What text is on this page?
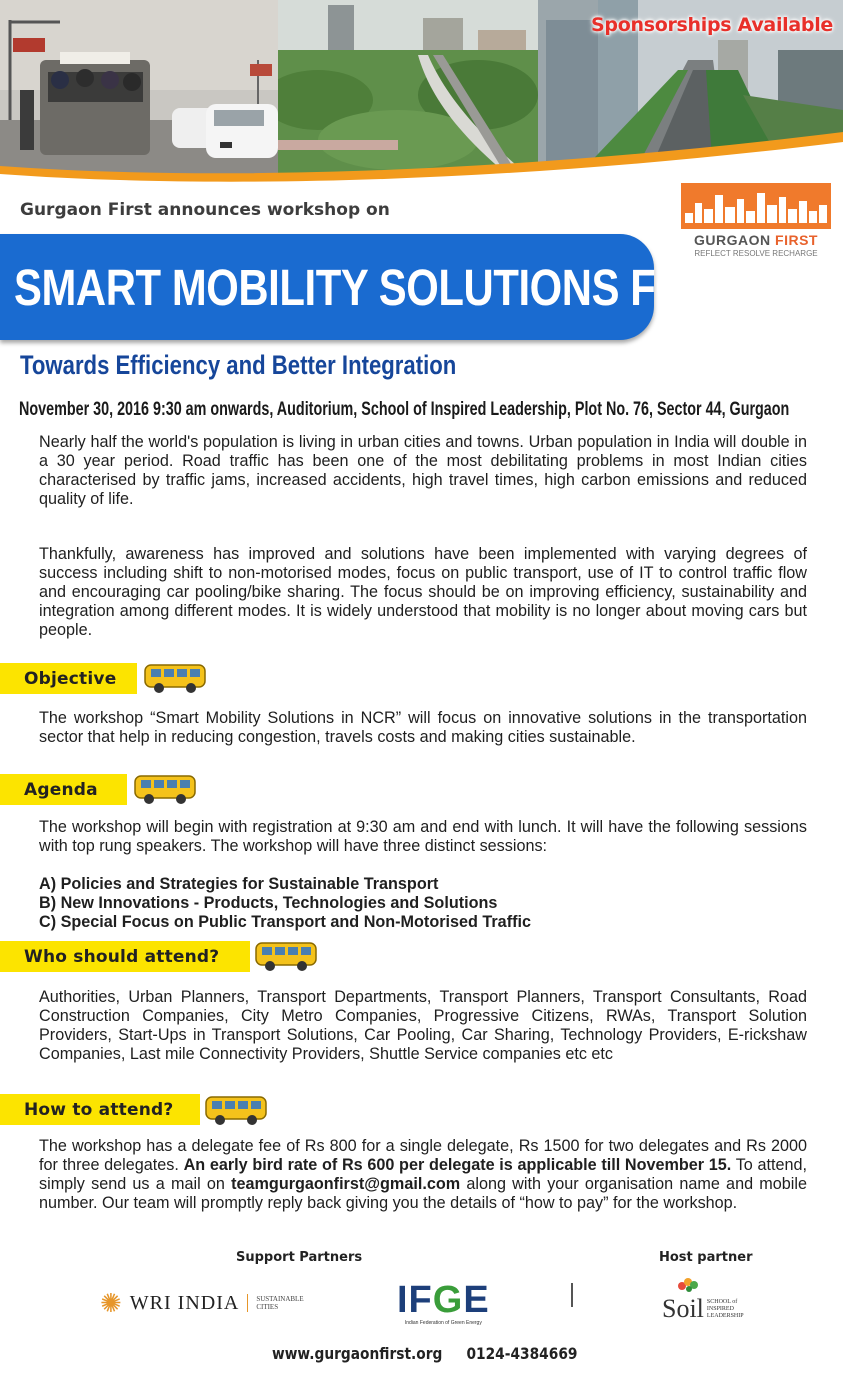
Sponsorships Available
Gurgaon First announces workshop on
GURGAON FIRST
REFLECT RESOLVE RECHARGE
SMART MOBILITY SOLUTIONS FOR NCR
Towards Efficiency and Better Integration
November 30, 2016 9:30 am onwards, Auditorium, School of Inspired Leadership, Plot No. 76, Sector 44, Gurgaon

Nearly half the world's population is living in urban cities and towns. Urban population in India will double in a 30 year period. Road traffic has been one of the most debilitating problems in most Indian cities characterised by traffic jams, increased accidents, high travel times, high carbon emissions and reduced quality of life.

Thankfully, awareness has improved and solutions have been implemented with varying degrees of success including shift to non-motorised modes, focus on public transport, use of IT to control traffic flow and encouraging car pooling/bike sharing. The focus should be on improving efficiency, sustainability and integration among different modes. It is widely understood that mobility is no longer about moving cars but people.

Objective

The workshop “Smart Mobility Solutions in NCR” will focus on innovative solutions in the transportation sector that help in reducing congestion, travels costs and making cities sustainable.

Agenda

The workshop will begin with registration at 9:30 am and end with lunch. It will have the following sessions with top rung speakers. The workshop will have three distinct sessions:

A) Policies and Strategies for Sustainable Transport
B) New Innovations - Products, Technologies and Solutions
C) Special Focus on Public Transport and Non-Motorised Traffic
Who should attend?

Authorities, Urban Planners, Transport Departments, Transport Planners, Transport Consultants, Road Construction Companies, City Metro Companies, Progressive Citizens, RWAs, Transport Solution Providers, Start-Ups in Transport Solutions, Car Pooling, Car Sharing, Technology Providers, E-rickshaw Companies, Last mile Connectivity Providers, Shuttle Service companies etc etc

How to attend?

The workshop has a delegate fee of Rs 800 for a single delegate, Rs 1500 for two delegates and Rs 2000 for three delegates. An early bird rate of Rs 600 per delegate is applicable till November 15. To attend, simply send us a mail on teamgurgaonfirst@gmail.com along with your organisation name and mobile number. Our team will promptly reply back giving you the details of “how to pay” for the workshop.

Support Partners	Host partner
✺ WRI INDIA SUSTAINABLE
CITIES	IFGE
Indian Federation of Green Energy	Soil SCHOOL of
INSPIRED
LEADERSHIP
www.gurgaonfirst.org 0124-4384669
